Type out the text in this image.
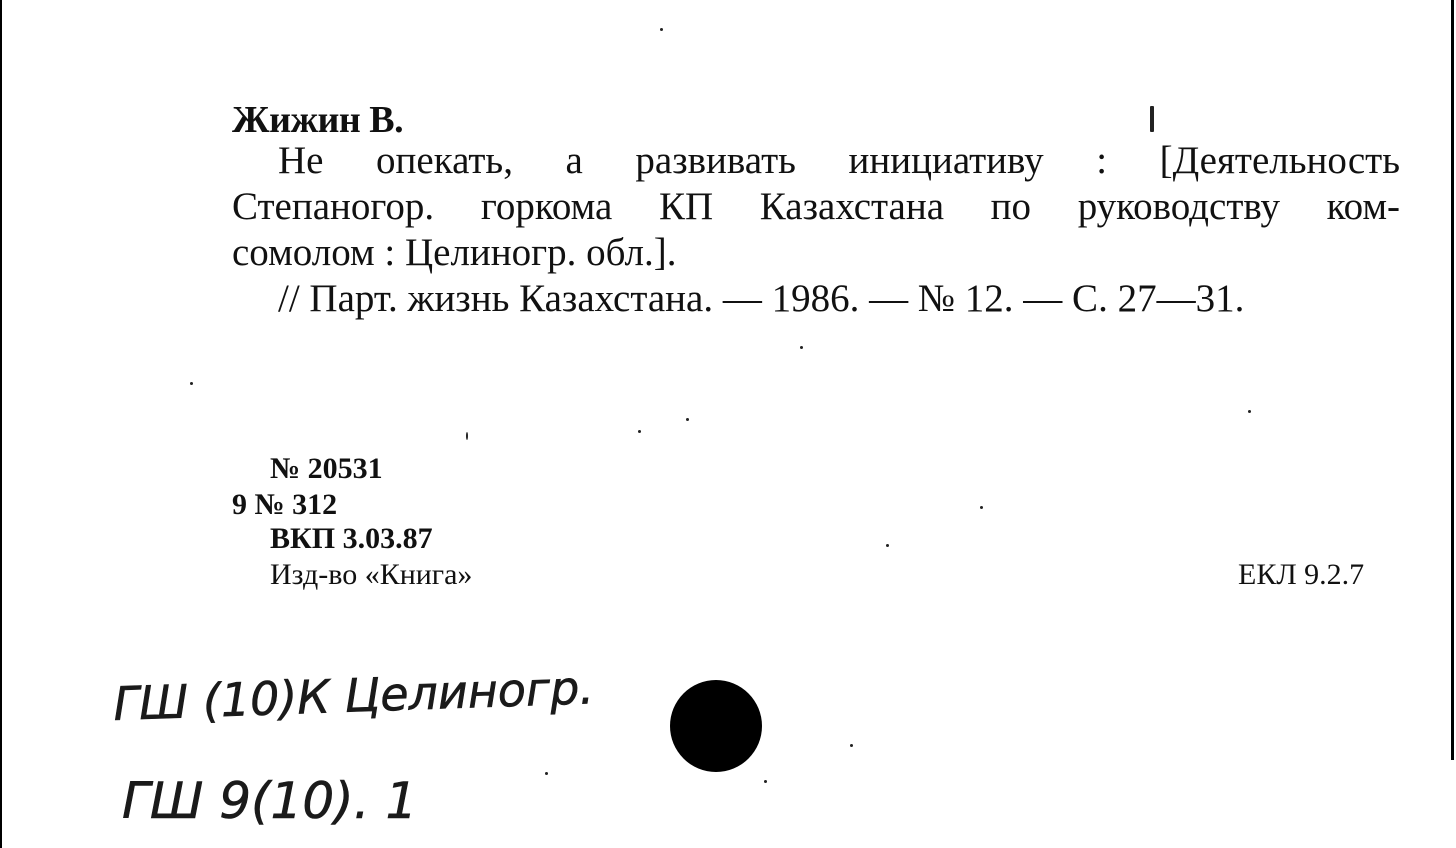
Жижин В.
Не опекать, а развивать инициативу : [Деятельность
Степаногор. горкома КП Казахстана по руководству ком-
сомолом : Целиногр. обл.].
// Парт. жизнь Казахстана. — 1986. — № 12. — С. 27—31.
№ 20531
9 № 312
ВКП 3.03.87
Изд-во «Книга»	ЕКЛ 9.2.7
ГШ (10)К Целиногр.
ГШ 9(10). 1
